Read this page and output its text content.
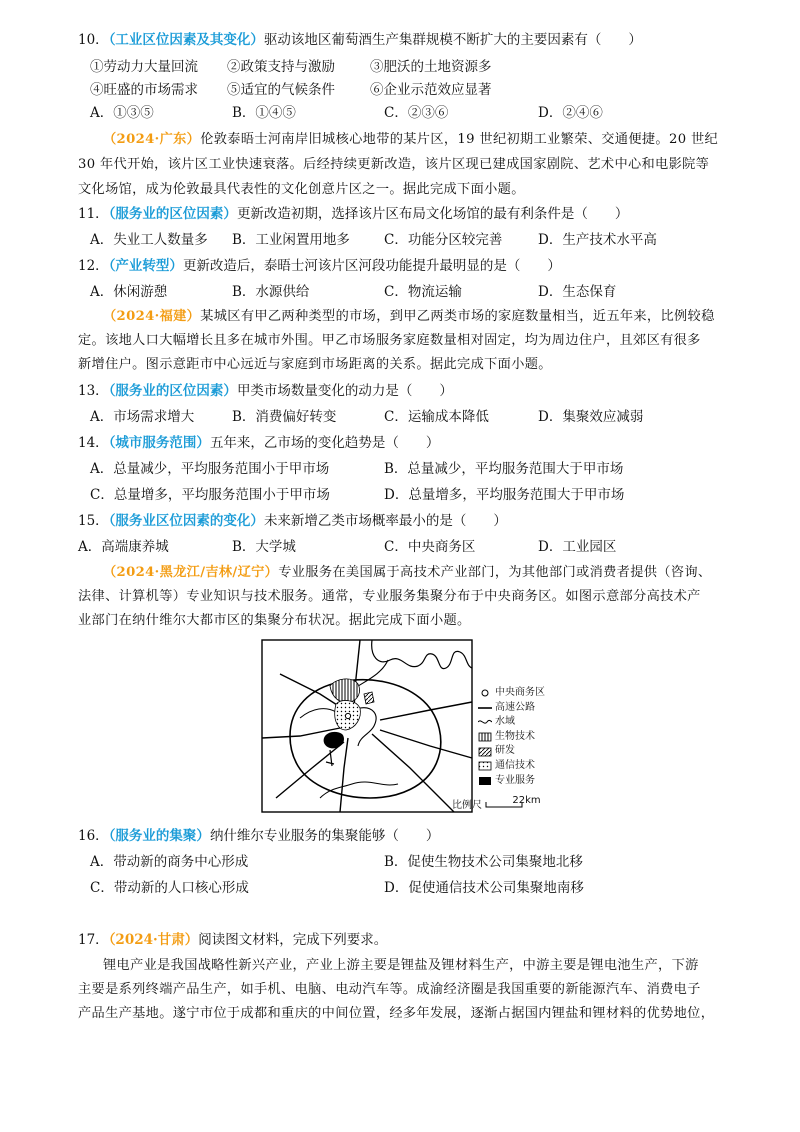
10．（工业区位因素及其变化）驱动该地区葡萄酒生产集群规模不断扩大的主要因素有（　　）
①劳动力大量回流 ②政策支持与激励	③肥沃的土地资源多
④旺盛的市场需求 ⑤适宜的气候条件	⑥企业示范效应显著
A．①③⑤	B．①④⑤	C．②③⑥	D．②④⑥
（2024·广东）伦敦泰晤士河南岸旧城核心地带的某片区，19 世纪初期工业繁荣、交通便捷。20 世纪
30 年代开始，该片区工业快速衰落。后经持续更新改造，该片区现已建成国家剧院、艺术中心和电影院等
文化场馆，成为伦敦最具代表性的文化创意片区之一。据此完成下面小题。
11．（服务业的区位因素）更新改造初期，选择该片区布局文化场馆的最有利条件是（　　）
A．失业工人数量多 B．工业闲置用地多	C．功能分区较完善	D．生产技术水平高
12．（产业转型）更新改造后，泰晤士河该片区河段功能提升最明显的是（　　）
A．休闲游憩	B．水源供给	C．物流运输	D．生态保育
（2024·福建）某城区有甲乙两种类型的市场，到甲乙两类市场的家庭数量相当，近五年来，比例较稳
定。该地人口大幅增长且多在城市外围。甲乙市场服务家庭数量相对固定，均为周边住户，且郊区有很多
新增住户。图示意距市中心远近与家庭到市场距离的关系。据此完成下面小题。
13．（服务业的区位因素）甲类市场数量变化的动力是（　　）
A．市场需求增大	B．消费偏好转变	C．运输成本降低	D．集聚效应减弱
14．（城市服务范围）五年来，乙市场的变化趋势是（　　）
A．总量减少，平均服务范围小于甲市场	B．总量减少，平均服务范围大于甲市场
C．总量增多，平均服务范围小于甲市场	D．总量增多，平均服务范围大于甲市场
15．（服务业区位因素的变化）未来新增乙类市场概率最小的是（　　）
A．高端康养城	B．大学城	C．中央商务区	D．工业园区
（2024·黑龙江/吉林/辽宁）专业服务在美国属于高技术产业部门，为其他部门或消费者提供（咨询、
法律、计算机等）专业知识与技术服务。通常，专业服务集聚分布于中央商务区。如图示意部分高技术产
业部门在纳什维尔大都市区的集聚分布状况。据此完成下面小题。
中央商务区
高速公路
水域
生物技术
研发
通信技术
专业服务
比例尺	22km
16．（服务业的集聚）纳什维尔专业服务的集聚能够（　　）
A．带动新的商务中心形成	B．促使生物技术公司集聚地北移
C．带动新的人口核心形成	D．促使通信技术公司集聚地南移
17．（2024·甘肃）阅读图文材料，完成下列要求。
锂电产业是我国战略性新兴产业，产业上游主要是锂盐及锂材料生产，中游主要是锂电池生产，下游
主要是系列终端产品生产，如手机、电脑、电动汽车等。成渝经济圈是我国重要的新能源汽车、消费电子
产品生产基地。遂宁市位于成都和重庆的中间位置，经多年发展，逐渐占据国内锂盐和锂材料的优势地位，
